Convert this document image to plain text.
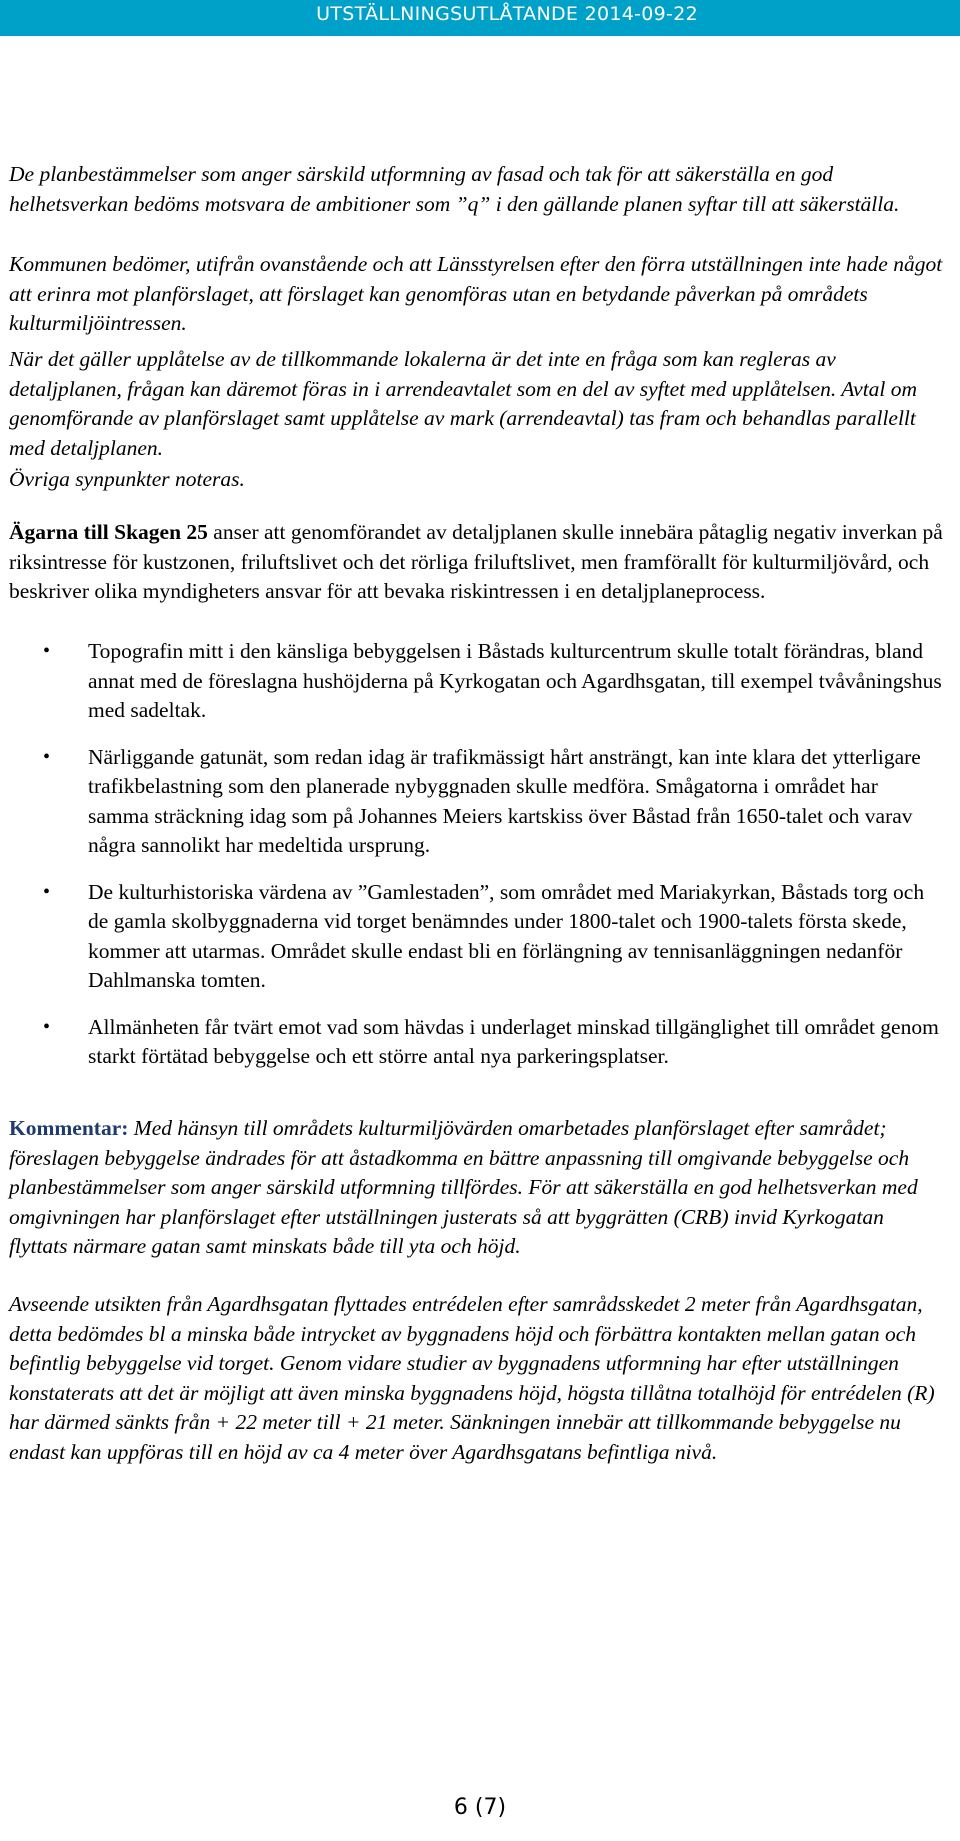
UTSTÄLLNINGSUTLÅTANDE 2014-09-22

De planbestämmelser som anger särskild utformning av fasad och tak för att säkerställa en god helhetsverkan bedöms motsvara de ambitioner som ”q” i den gällande planen syftar till att säkerställa.

Kommunen bedömer, utifrån ovanstående och att Länsstyrelsen efter den förra utställningen inte hade något att erinra mot planförslaget, att förslaget kan genomföras utan en betydande påverkan på områdets kulturmiljöintressen.

När det gäller upplåtelse av de tillkommande lokalerna är det inte en fråga som kan regleras av detaljplanen, frågan kan däremot föras in i arrendeavtalet som en del av syftet med upplåtelsen. Avtal om genomförande av planförslaget samt upplåtelse av mark (arrendeavtal) tas fram och behandlas parallellt med detaljplanen.

Övriga synpunkter noteras.

Ägarna till Skagen 25 anser att genomförandet av detaljplanen skulle innebära påtaglig negativ inverkan på riksintresse för kustzonen, friluftslivet och det rörliga friluftslivet, men framförallt för kulturmiljövård, och beskriver olika myndigheters ansvar för att bevaka riskintressen i en detaljplaneprocess.

• Topografin mitt i den känsliga bebyggelsen i Båstads kulturcentrum skulle totalt förändras, bland annat med de föreslagna hushöjderna på Kyrkogatan och Agardhsgatan, till exempel tvåvåningshus med sadeltak.
• Närliggande gatunät, som redan idag är trafikmässigt hårt ansträngt, kan inte klara det ytterligare trafikbelastning som den planerade nybyggnaden skulle medföra. Smågatorna i området har samma sträckning idag som på Johannes Meiers kartskiss över Båstad från 1650-talet och varav några sannolikt har medeltida ursprung.
• De kulturhistoriska värdena av ”Gamlestaden”, som området med Mariakyrkan, Båstads torg och de gamla skolbyggnaderna vid torget benämndes under 1800-talet och 1900-talets första skede, kommer att utarmas. Området skulle endast bli en förlängning av tennisanläggningen nedanför Dahlmanska tomten.
• Allmänheten får tvärt emot vad som hävdas i underlaget minskad tillgänglighet till området genom starkt förtätad bebyggelse och ett större antal nya parkeringsplatser.

Kommentar: Med hänsyn till områdets kulturmiljövärden omarbetades planförslaget efter samrådet; föreslagen bebyggelse ändrades för att åstadkomma en bättre anpassning till omgivande bebyggelse och planbestämmelser som anger särskild utformning tillfördes. För att säkerställa en god helhetsverkan med omgivningen har planförslaget efter utställningen justerats så att byggrätten (CRB) invid Kyrkogatan flyttats närmare gatan samt minskats både till yta och höjd.

Avseende utsikten från Agardhsgatan flyttades entrédelen efter samrådsskedet 2 meter från Agardhsgatan, detta bedömdes bl a minska både intrycket av byggnadens höjd och förbättra kontakten mellan gatan och befintlig bebyggelse vid torget. Genom vidare studier av byggnadens utformning har efter utställningen konstaterats att det är möjligt att även minska byggnadens höjd, högsta tillåtna totalhöjd för entrédelen (R) har därmed sänkts från + 22 meter till + 21 meter. Sänkningen innebär att tillkommande bebyggelse nu endast kan uppföras till en höjd av ca 4 meter över Agardhsgatans befintliga nivå.

6 (7)
